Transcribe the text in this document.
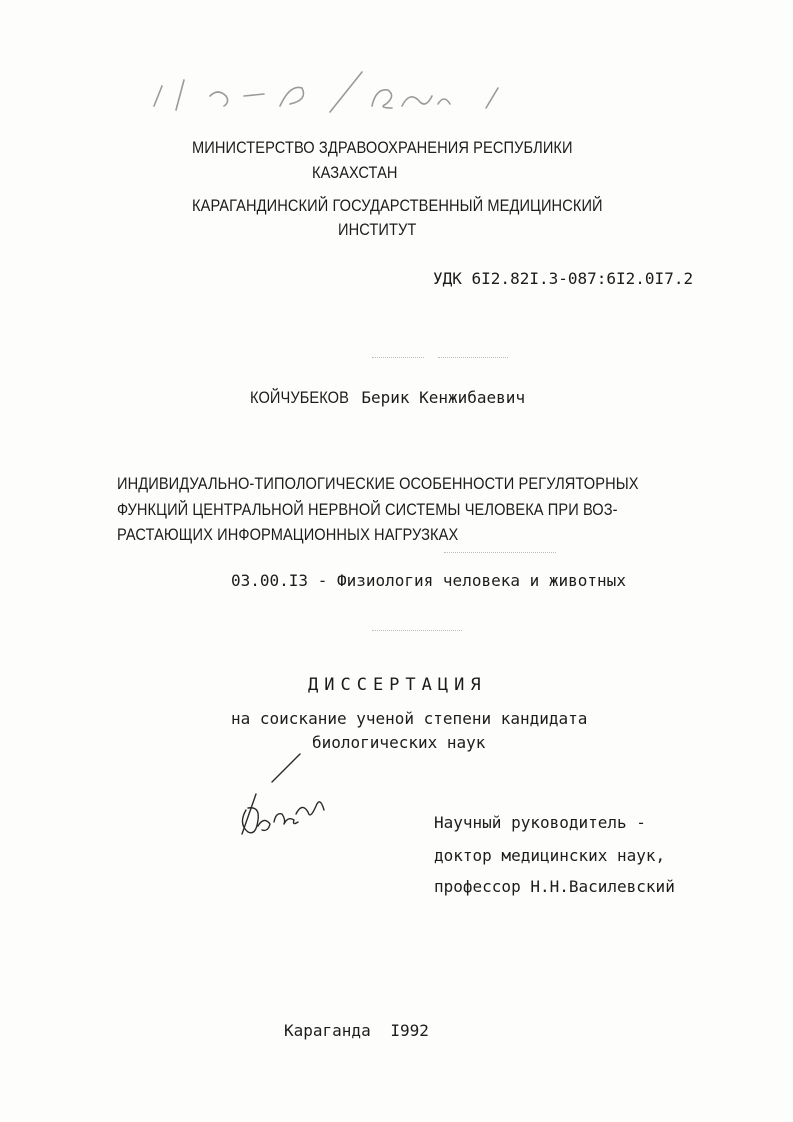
МИНИСТЕРСТВО ЗДРАВООХРАНЕНИЯ РЕСПУБЛИКИ
КАЗАХСТАН
КАРАГАНДИНСКИЙ ГОСУДАРСТВЕННЫЙ МЕДИЦИНСКИЙ
ИНСТИТУТ
УДК 6I2.82I.3-087:6I2.0I7.2
КОЙЧУБЕКОВ Берик Кенжибаевич
ИНДИВИДУАЛЬНО-ТИПОЛОГИЧЕСКИЕ ОСОБЕННОСТИ РЕГУЛЯТОРНЫХ
ФУНКЦИЙ ЦЕНТРАЛЬНОЙ НЕРВНОЙ СИСТЕМЫ ЧЕЛОВЕКА ПРИ ВОЗ-
РАСТАЮЩИХ ИНФОРМАЦИОННЫХ НАГРУЗКАХ
03.00.I3 - Физиология человека и животных
ДИССЕРТАЦИЯ
на соискание ученой степени кандидата
биологических наук
Научный руководитель -
доктор медицинских наук,
профессор Н.Н.Василевский
Караганда I992
